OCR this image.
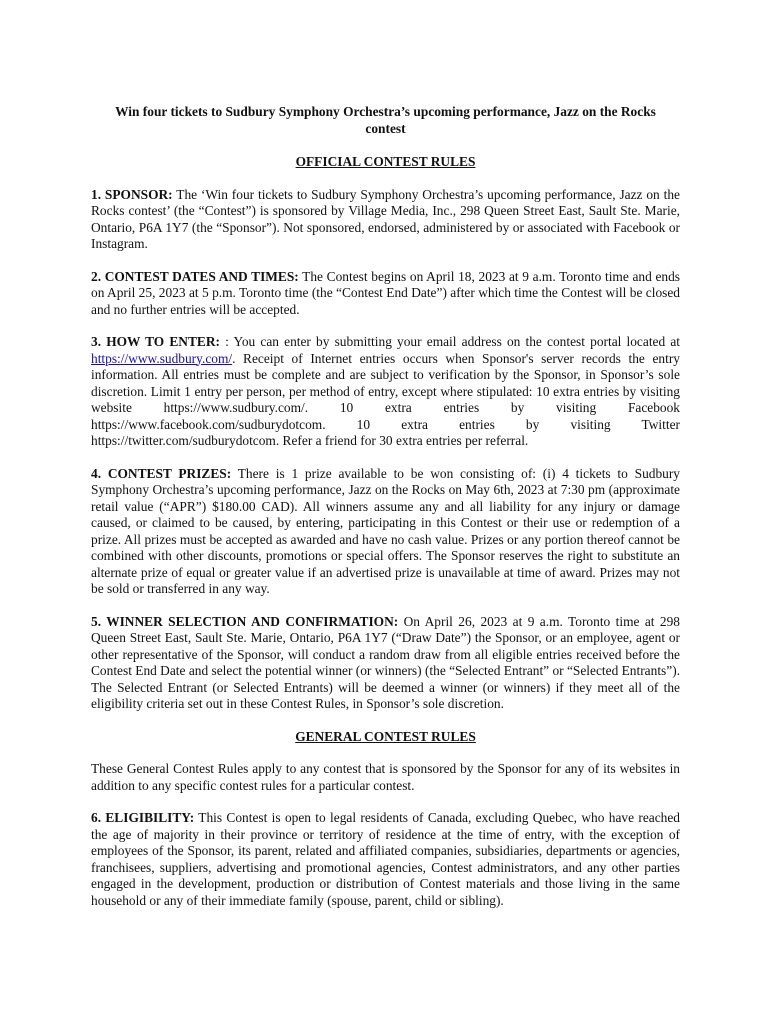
Win four tickets to Sudbury Symphony Orchestra’s upcoming performance, Jazz on the Rocks contest

OFFICIAL CONTEST RULES

1. SPONSOR: The ‘Win four tickets to Sudbury Symphony Orchestra’s upcoming performance, Jazz on the Rocks contest’ (the “Contest”) is sponsored by Village Media, Inc., 298 Queen Street East, Sault Ste. Marie, Ontario, P6A 1Y7 (the “Sponsor”). Not sponsored, endorsed, administered by or associated with Facebook or Instagram.

2. CONTEST DATES AND TIMES: The Contest begins on April 18, 2023 at 9 a.m. Toronto time and ends on April 25, 2023 at 5 p.m. Toronto time (the “Contest End Date”) after which time the Contest will be closed and no further entries will be accepted.

3. HOW TO ENTER: : You can enter by submitting your email address on the contest portal located at https://www.sudbury.com/. Receipt of Internet entries occurs when Sponsor's server records the entry information. All entries must be complete and are subject to verification by the Sponsor, in Sponsor’s sole discretion. Limit 1 entry per person, per method of entry, except where stipulated: 10 extra entries by visiting website https://www.sudbury.com/. 10 extra entries by visiting Facebook https://www.facebook.com/sudburydotcom. 10 extra entries by visiting Twitter https://twitter.com/sudburydotcom. Refer a friend for 30 extra entries per referral.

4. CONTEST PRIZES: There is 1 prize available to be won consisting of: (i) 4 tickets to Sudbury Symphony Orchestra’s upcoming performance, Jazz on the Rocks on May 6th, 2023 at 7:30 pm (approximate retail value (“APR”) $180.00 CAD). All winners assume any and all liability for any injury or damage caused, or claimed to be caused, by entering, participating in this Contest or their use or redemption of a prize. All prizes must be accepted as awarded and have no cash value. Prizes or any portion thereof cannot be combined with other discounts, promotions or special offers. The Sponsor reserves the right to substitute an alternate prize of equal or greater value if an advertised prize is unavailable at time of award. Prizes may not be sold or transferred in any way.

5. WINNER SELECTION AND CONFIRMATION: On April 26, 2023 at 9 a.m. Toronto time at 298 Queen Street East, Sault Ste. Marie, Ontario, P6A 1Y7 (“Draw Date”) the Sponsor, or an employee, agent or other representative of the Sponsor, will conduct a random draw from all eligible entries received before the Contest End Date and select the potential winner (or winners) (the “Selected Entrant” or “Selected Entrants”). The Selected Entrant (or Selected Entrants) will be deemed a winner (or winners) if they meet all of the eligibility criteria set out in these Contest Rules, in Sponsor’s sole discretion.

GENERAL CONTEST RULES

These General Contest Rules apply to any contest that is sponsored by the Sponsor for any of its websites in addition to any specific contest rules for a particular contest.

6. ELIGIBILITY: This Contest is open to legal residents of Canada, excluding Quebec, who have reached the age of majority in their province or territory of residence at the time of entry, with the exception of employees of the Sponsor, its parent, related and affiliated companies, subsidiaries, departments or agencies, franchisees, suppliers, advertising and promotional agencies, Contest administrators, and any other parties engaged in the development, production or distribution of Contest materials and those living in the same household or any of their immediate family (spouse, parent, child or sibling).
